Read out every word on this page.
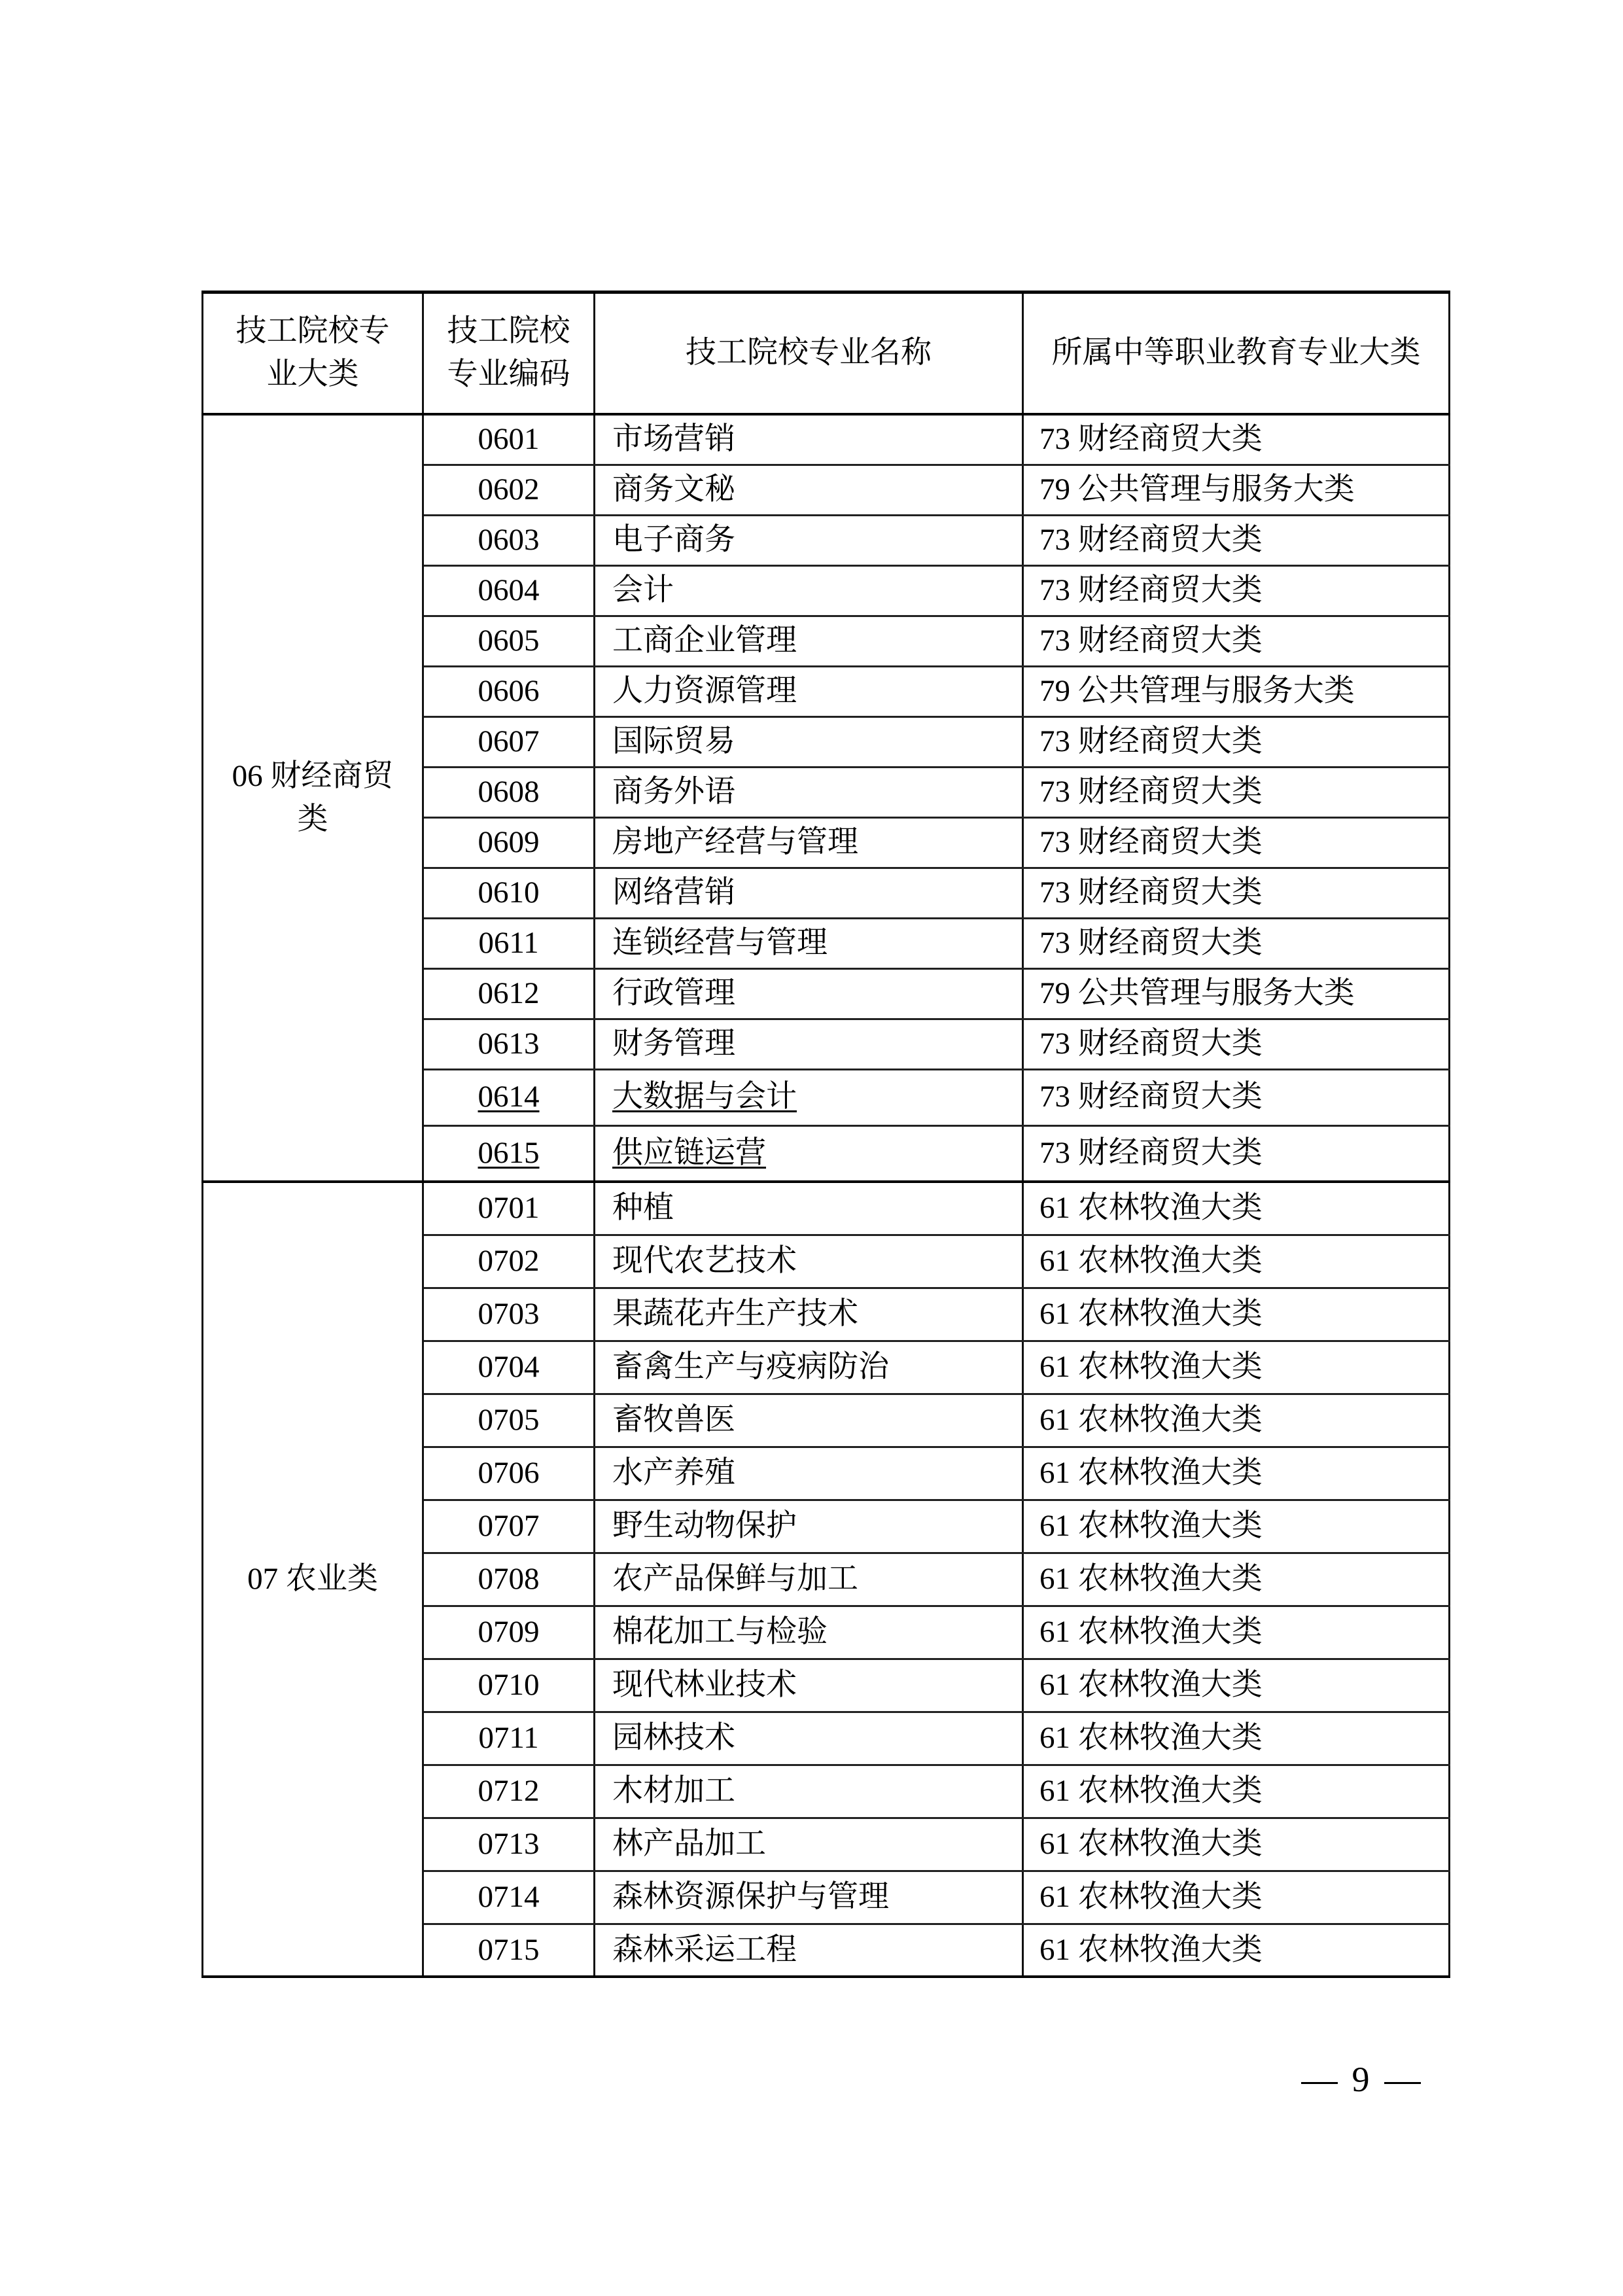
技工院校专业大类	技工院校专业编码	技工院校专业名称	所属中等职业教育专业大类
06 财经商贸类	0601	市场营销	73 财经商贸大类
	0602	商务文秘	79 公共管理与服务大类
	0603	电子商务	73 财经商贸大类
	0604	会计	73 财经商贸大类
	0605	工商企业管理	73 财经商贸大类
	0606	人力资源管理	79 公共管理与服务大类
	0607	国际贸易	73 财经商贸大类
	0608	商务外语	73 财经商贸大类
	0609	房地产经营与管理	73 财经商贸大类
	0610	网络营销	73 财经商贸大类
	0611	连锁经营与管理	73 财经商贸大类
	0612	行政管理	79 公共管理与服务大类
	0613	财务管理	73 财经商贸大类
	0614	大数据与会计	73 财经商贸大类
	0615	供应链运营	73 财经商贸大类
07 农业类	0701	种植	61 农林牧渔大类
	0702	现代农艺技术	61 农林牧渔大类
	0703	果蔬花卉生产技术	61 农林牧渔大类
	0704	畜禽生产与疫病防治	61 农林牧渔大类
	0705	畜牧兽医	61 农林牧渔大类
	0706	水产养殖	61 农林牧渔大类
	0707	野生动物保护	61 农林牧渔大类
	0708	农产品保鲜与加工	61 农林牧渔大类
	0709	棉花加工与检验	61 农林牧渔大类
	0710	现代林业技术	61 农林牧渔大类
	0711	园林技术	61 农林牧渔大类
	0712	木材加工	61 农林牧渔大类
	0713	林产品加工	61 农林牧渔大类
	0714	森林资源保护与管理	61 农林牧渔大类
	0715	森林采运工程	61 农林牧渔大类
9
